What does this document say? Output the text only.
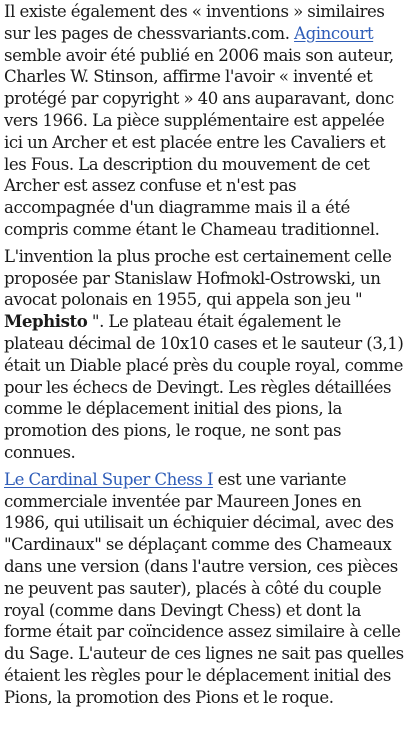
Il existe également des « inventions » similaires sur les pages de chessvariants.com. Agincourt semble avoir été publié en 2006 mais son auteur, Charles W. Stinson, affirme l'avoir « inventé et protégé par copyright » 40 ans auparavant, donc vers 1966. La pièce supplémentaire est appelée ici un Archer et est placée entre les Cavaliers et les Fous. La description du mouvement de cet Archer est assez confuse et n'est pas accompagnée d'un diagramme mais il a été compris comme étant le Chameau traditionnel.

L'invention la plus proche est certainement celle proposée par Stanislaw Hofmokl-Ostrowski, un avocat polonais en 1955, qui appela son jeu " Mephisto ". Le plateau était également le plateau décimal de 10x10 cases et le sauteur (3,1) était un Diable placé près du couple royal, comme pour les échecs de Devingt. Les règles détaillées comme le déplacement initial des pions, la promotion des pions, le roque, ne sont pas connues.

Le Cardinal Super Chess I est une variante commerciale inventée par Maureen Jones en 1986, qui utilisait un échiquier décimal, avec des "Cardinaux" se déplaçant comme des Chameaux dans une version (dans l'autre version, ces pièces ne peuvent pas sauter), placés à côté du couple royal (comme dans Devingt Chess) et dont la forme était par coïncidence assez similaire à celle du Sage. L'auteur de ces lignes ne sait pas quelles étaient les règles pour le déplacement initial des Pions, la promotion des Pions et le roque.
